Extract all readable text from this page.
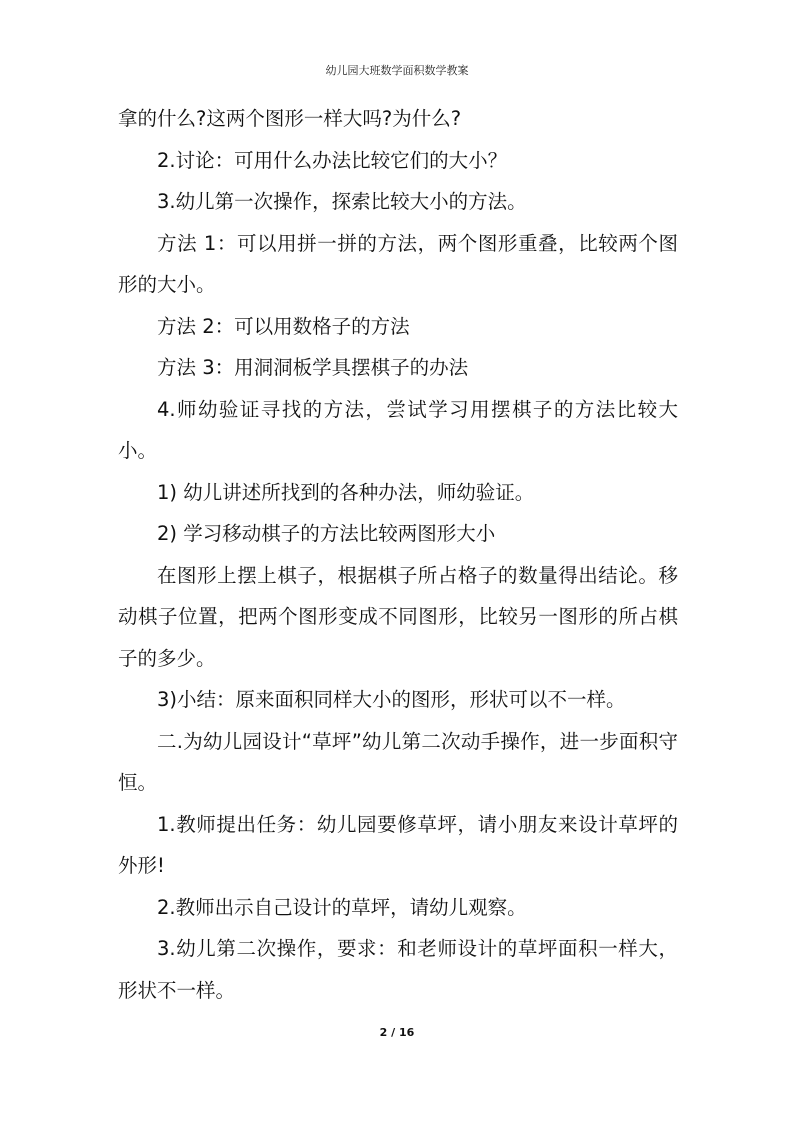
幼儿园大班数学面积数学教案

拿的什么?这两个图形一样大吗?为什么?

2.讨论：可用什么办法比较它们的大小？

3.幼儿第一次操作，探索比较大小的方法。

方法 1：可以用拼一拼的方法，两个图形重叠，比较两个图形的大小。

方法 2：可以用数格子的方法

方法 3：用洞洞板学具摆棋子的办法

4.师幼验证寻找的方法，尝试学习用摆棋子的方法比较大小。

1) 幼儿讲述所找到的各种办法，师幼验证。

2) 学习移动棋子的方法比较两图形大小

在图形上摆上棋子，根据棋子所占格子的数量得出结论。移动棋子位置，把两个图形变成不同图形，比较另一图形的所占棋子的多少。

3)小结：原来面积同样大小的图形，形状可以不一样。

二.为幼儿园设计“草坪”幼儿第二次动手操作，进一步面积守恒。

1.教师提出任务：幼儿园要修草坪，请小朋友来设计草坪的外形!

2.教师出示自己设计的草坪，请幼儿观察。

3.幼儿第二次操作，要求：和老师设计的草坪面积一样大，形状不一样。

2 / 16
